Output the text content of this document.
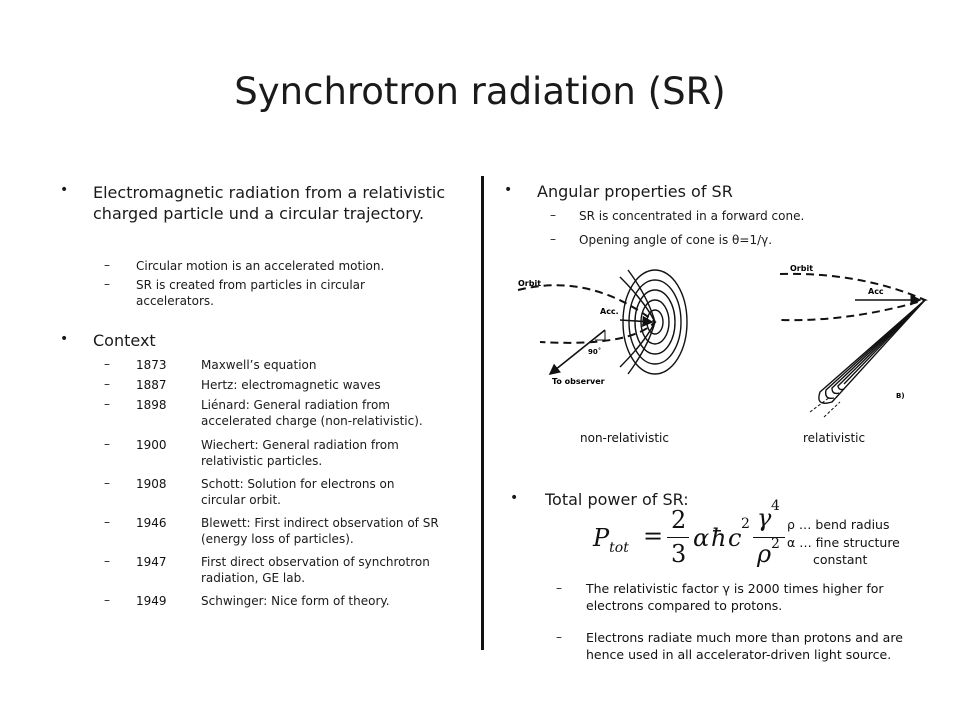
Synchrotron radiation (SR)
• Electromagnetic radiation from a relativistic charged particle und a circular trajectory.
– Circular motion is an accelerated motion.
– SR is created from particles in circular accelerators.
• Context
– 1873	Maxwell’s equation
– 1887	Hertz: electromagnetic waves
– 1898	Liénard: General radiation from accelerated charge (non-relativistic).
– 1900	Wiechert: General radiation from relativistic particles.
– 1908	Schott: Solution for electrons on circular orbit.
– 1946	Blewett: First indirect observation of SR (energy loss of particles).
– 1947	First direct observation of synchrotron radiation, GE lab.
– 1949	Schwinger: Nice form of theory.
• Angular properties of SR
– SR is concentrated in a forward cone.
– Opening angle of cone is θ=1/γ.
Orbit
Acc.
90˚
To observer
Orbit
Acc
B)
non-relativistic	relativistic
• Total power of SR:
$P_{tot}$ =
2
3
α ħ c 2 γ 4
ρ 2
ρ … bend radius
α … fine structure
constant
– The relativistic factor γ is 2000 times higher for electrons compared to protons.
– Electrons radiate much more than protons and are hence used in all accelerator-driven light source.
